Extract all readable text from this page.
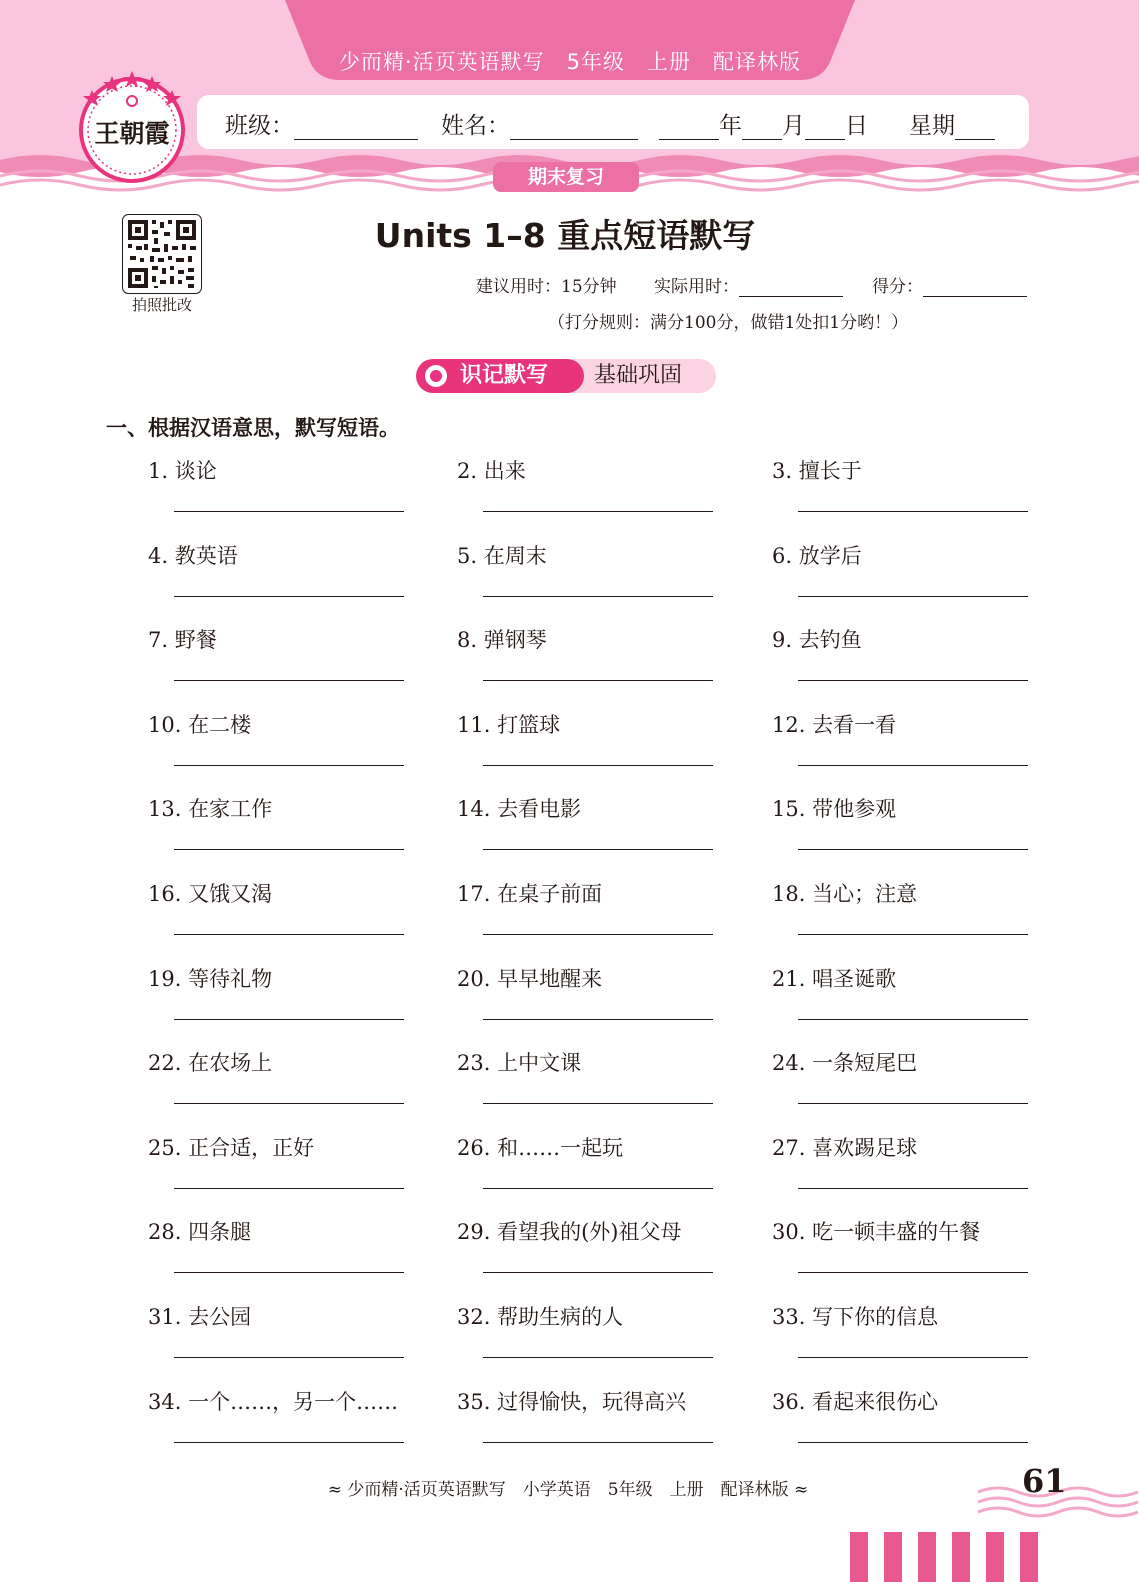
少而精·活页英语默写　5年级　上册　配译林版
班级：	姓名：	年 月 日 星期
期末复习
王朝霞
拍照批改
Units 1–8 重点短语默写
建议用时：15分钟 实际用时：	得分：
（打分规则：满分100分，做错1处扣1分哟！）
基础巩固
识记默写
一、根据汉语意思，默写短语。
1. 谈论	2. 出来	3. 擅长于
4. 教英语	5. 在周末	6. 放学后
7. 野餐	8. 弹钢琴	9. 去钓鱼
10. 在二楼	11. 打篮球	12. 去看一看
13. 在家工作	14. 去看电影	15. 带他参观
16. 又饿又渴	17. 在桌子前面	18. 当心；注意
19. 等待礼物	20. 早早地醒来	21. 唱圣诞歌
22. 在农场上	23. 上中文课	24. 一条短尾巴
25. 正合适，正好	26. 和……一起玩	27. 喜欢踢足球
28. 四条腿	29. 看望我的(外)祖父母	30. 吃一顿丰盛的午餐
31. 去公园	32. 帮助生病的人	33. 写下你的信息
34. 一个……，另一个……	35. 过得愉快，玩得高兴	36. 看起来很伤心
≈ 少而精·活页英语默写　小学英语　5年级　上册　配译林版 ≈	61
